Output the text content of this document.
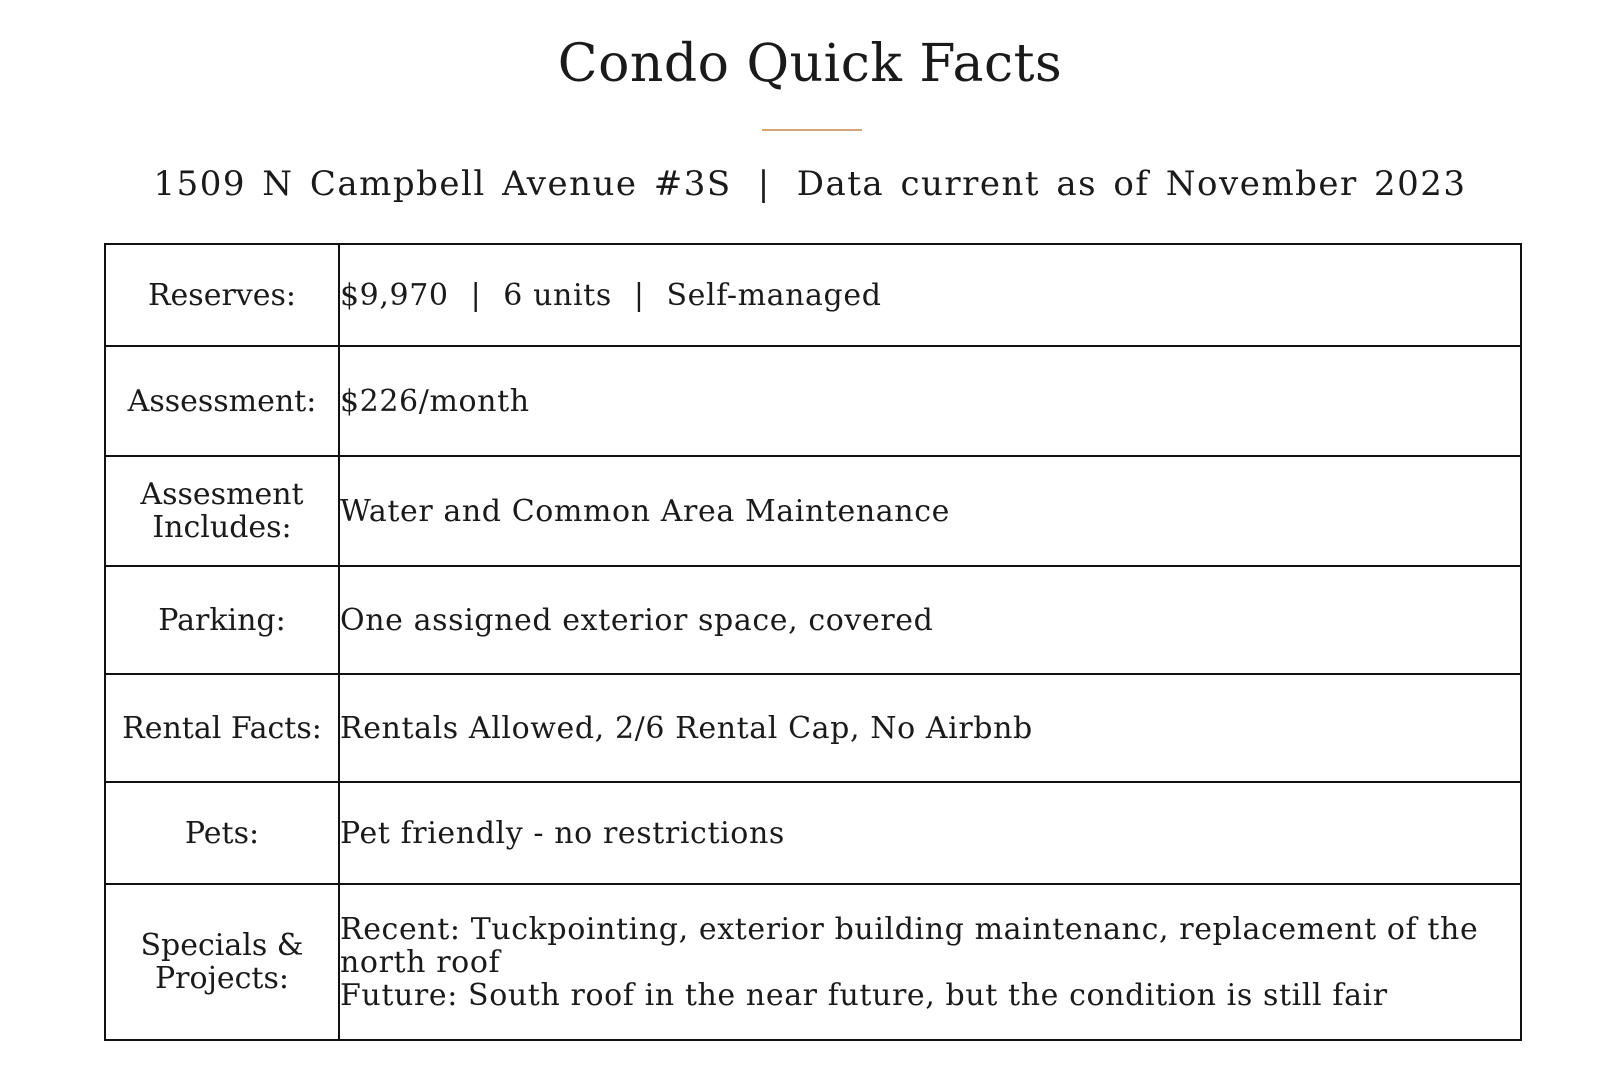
Condo Quick Facts
1509 N Campbell Avenue #3S | Data current as of November 2023
Reserves:	$9,970 | 6 units | Self-managed
Assessment:	$226/month

Assesment
Includes:	Water and Common Area Maintenance
Parking:	One assigned exterior space, covered
Rental Facts:	Rentals Allowed, 2/6 Rental Cap, No Airbnb
Pets:	Pet friendly - no restrictions

Specials &
Projects:	Recent: Tuckpointing, exterior building maintenanc, replacement of the north roof
Future: South roof in the near future, but the condition is still fair
